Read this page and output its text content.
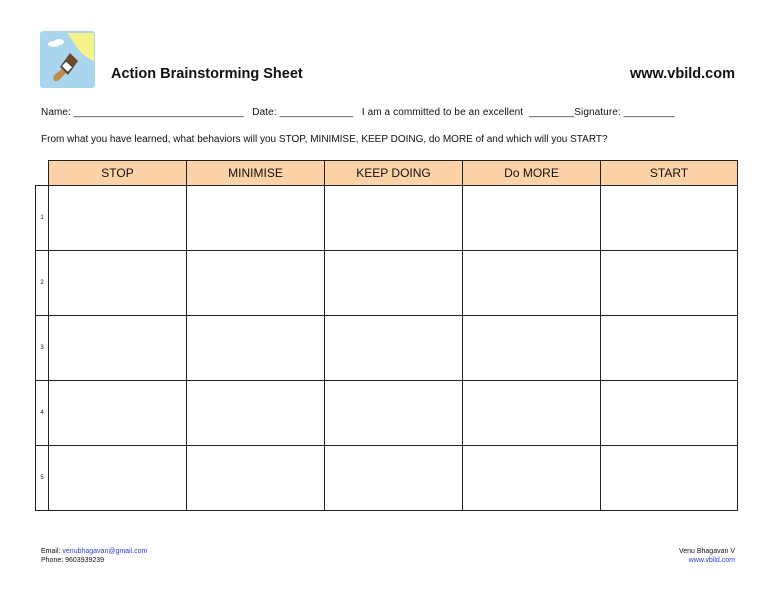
Action Brainstorming Sheet	www.vbild.com
Name: ______________________________   Date: _____________   I am a committed to be an excellent  ________Signature: _________
From what you have learned, what behaviors will you STOP, MINIMISE, KEEP DOING, do MORE of and which will you START?
	STOP	MINIMISE	KEEP DOING	Do MORE	START
1					
2					
3					
4					
5					
Email: venubhagavan@gmail.com
Phone: 9603939239
Venu Bhagavan V
www.vbild.com
